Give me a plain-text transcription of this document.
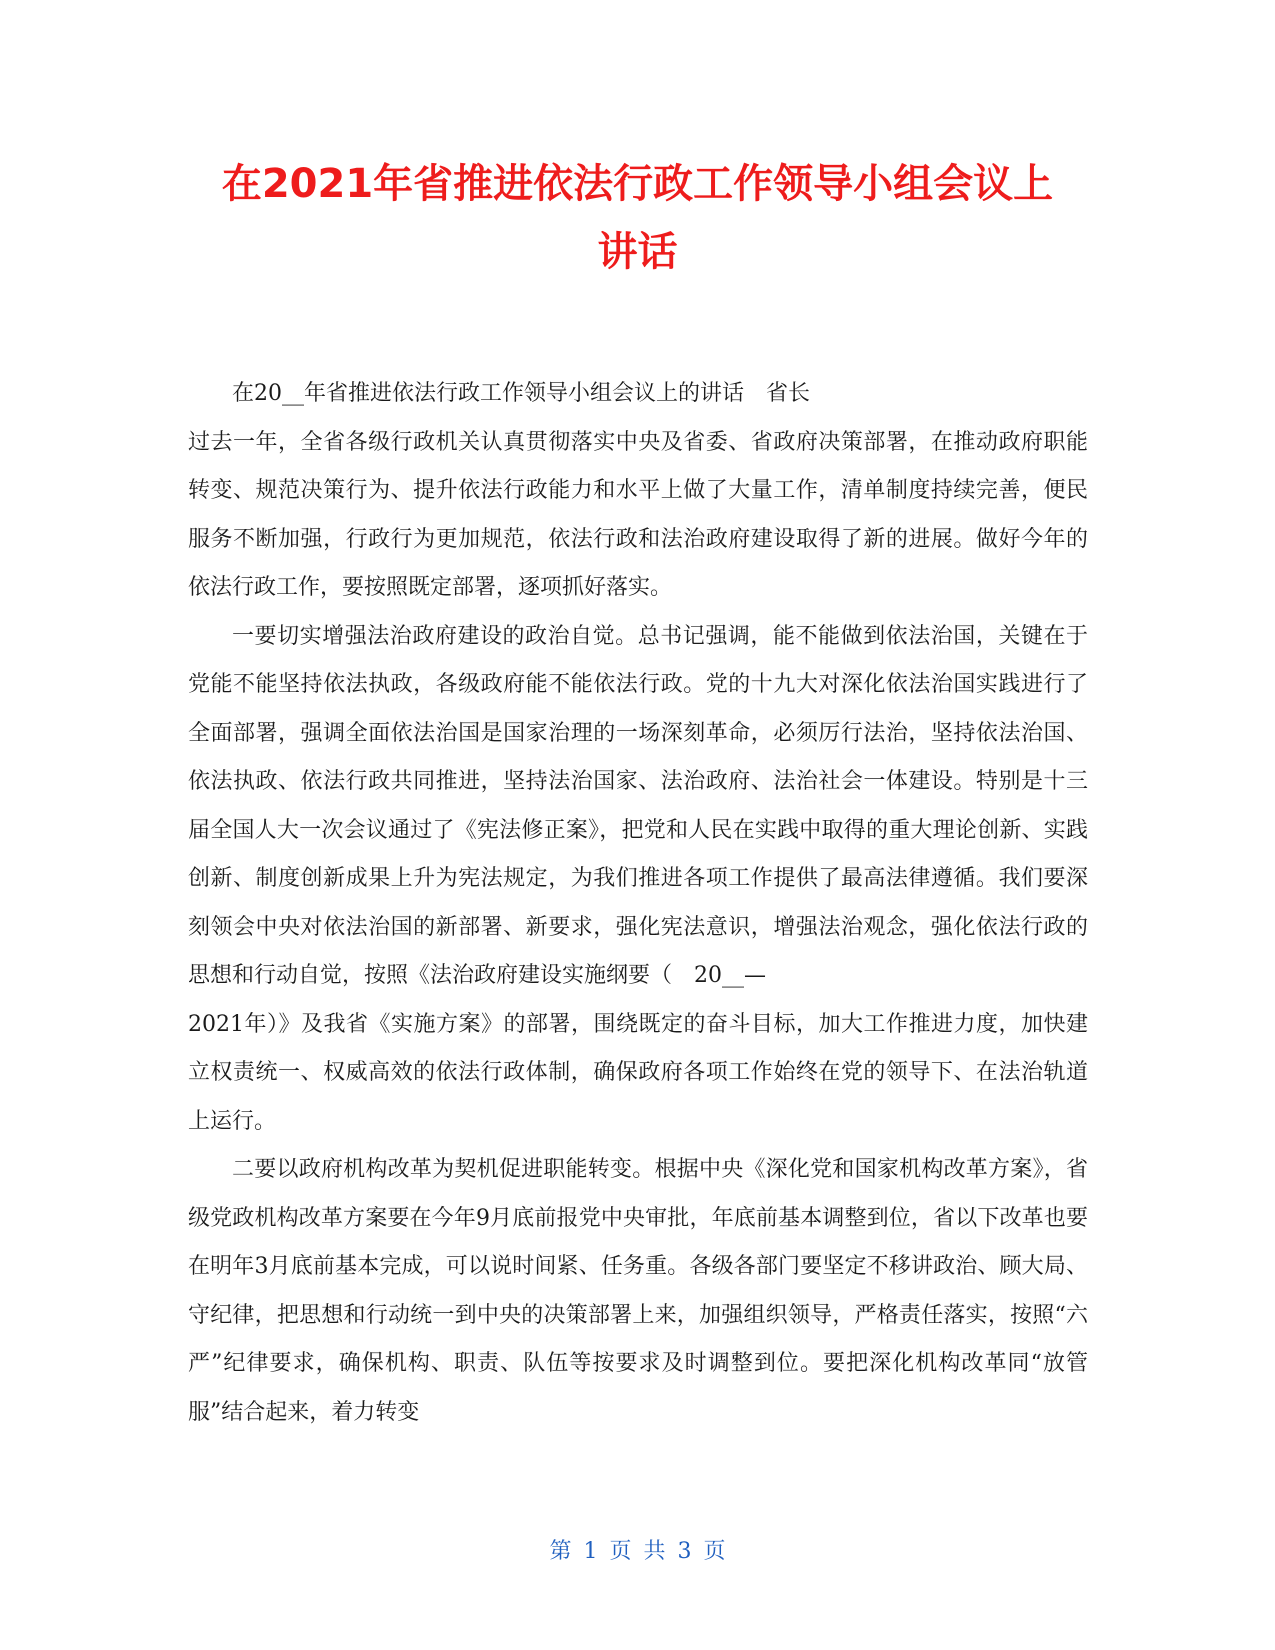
在2021年省推进依法行政工作领导小组会议上
讲话

在20__年省推进依法行政工作领导小组会议上的讲话　省长

过去一年，全省各级行政机关认真贯彻落实中央及省委、省政府决策部署，在推动政府职能转变、规范决策行为、提升依法行政能力和水平上做了大量工作，清单制度持续完善，便民服务不断加强，行政行为更加规范，依法行政和法治政府建设取得了新的进展。做好今年的依法行政工作，要按照既定部署，逐项抓好落实。

一要切实增强法治政府建设的政治自觉。总书记强调，能不能做到依法治国，关键在于党能不能坚持依法执政，各级政府能不能依法行政。党的十九大对深化依法治国实践进行了全面部署，强调全面依法治国是国家治理的一场深刻革命，必须厉行法治，坚持依法治国、依法执政、依法行政共同推进，坚持法治国家、法治政府、法治社会一体建设。特别是十三届全国人大一次会议通过了《宪法修正案》，把党和人民在实践中取得的重大理论创新、实践创新、制度创新成果上升为宪法规定，为我们推进各项工作提供了最高法律遵循。我们要深刻领会中央对依法治国的新部署、新要求，强化宪法意识，增强法治观念，强化依法行政的思想和行动自觉，按照《法治政府建设实施纲要（　20__—

2021年）》及我省《实施方案》的部署，围绕既定的奋斗目标，加大工作推进力度，加快建立权责统一、权威高效的依法行政体制，确保政府各项工作始终在党的领导下、在法治轨道上运行。

二要以政府机构改革为契机促进职能转变。根据中央《深化党和国家机构改革方案》，省级党政机构改革方案要在今年9月底前报党中央审批，年底前基本调整到位，省以下改革也要在明年3月底前基本完成，可以说时间紧、任务重。各级各部门要坚定不移讲政治、顾大局、守纪律，把思想和行动统一到中央的决策部署上来，加强组织领导，严格责任落实，按照“六严”纪律要求，确保机构、职责、队伍等按要求及时调整到位。要把深化机构改革同“放管服”结合起来，着力转变

第 1 页 共 3 页
